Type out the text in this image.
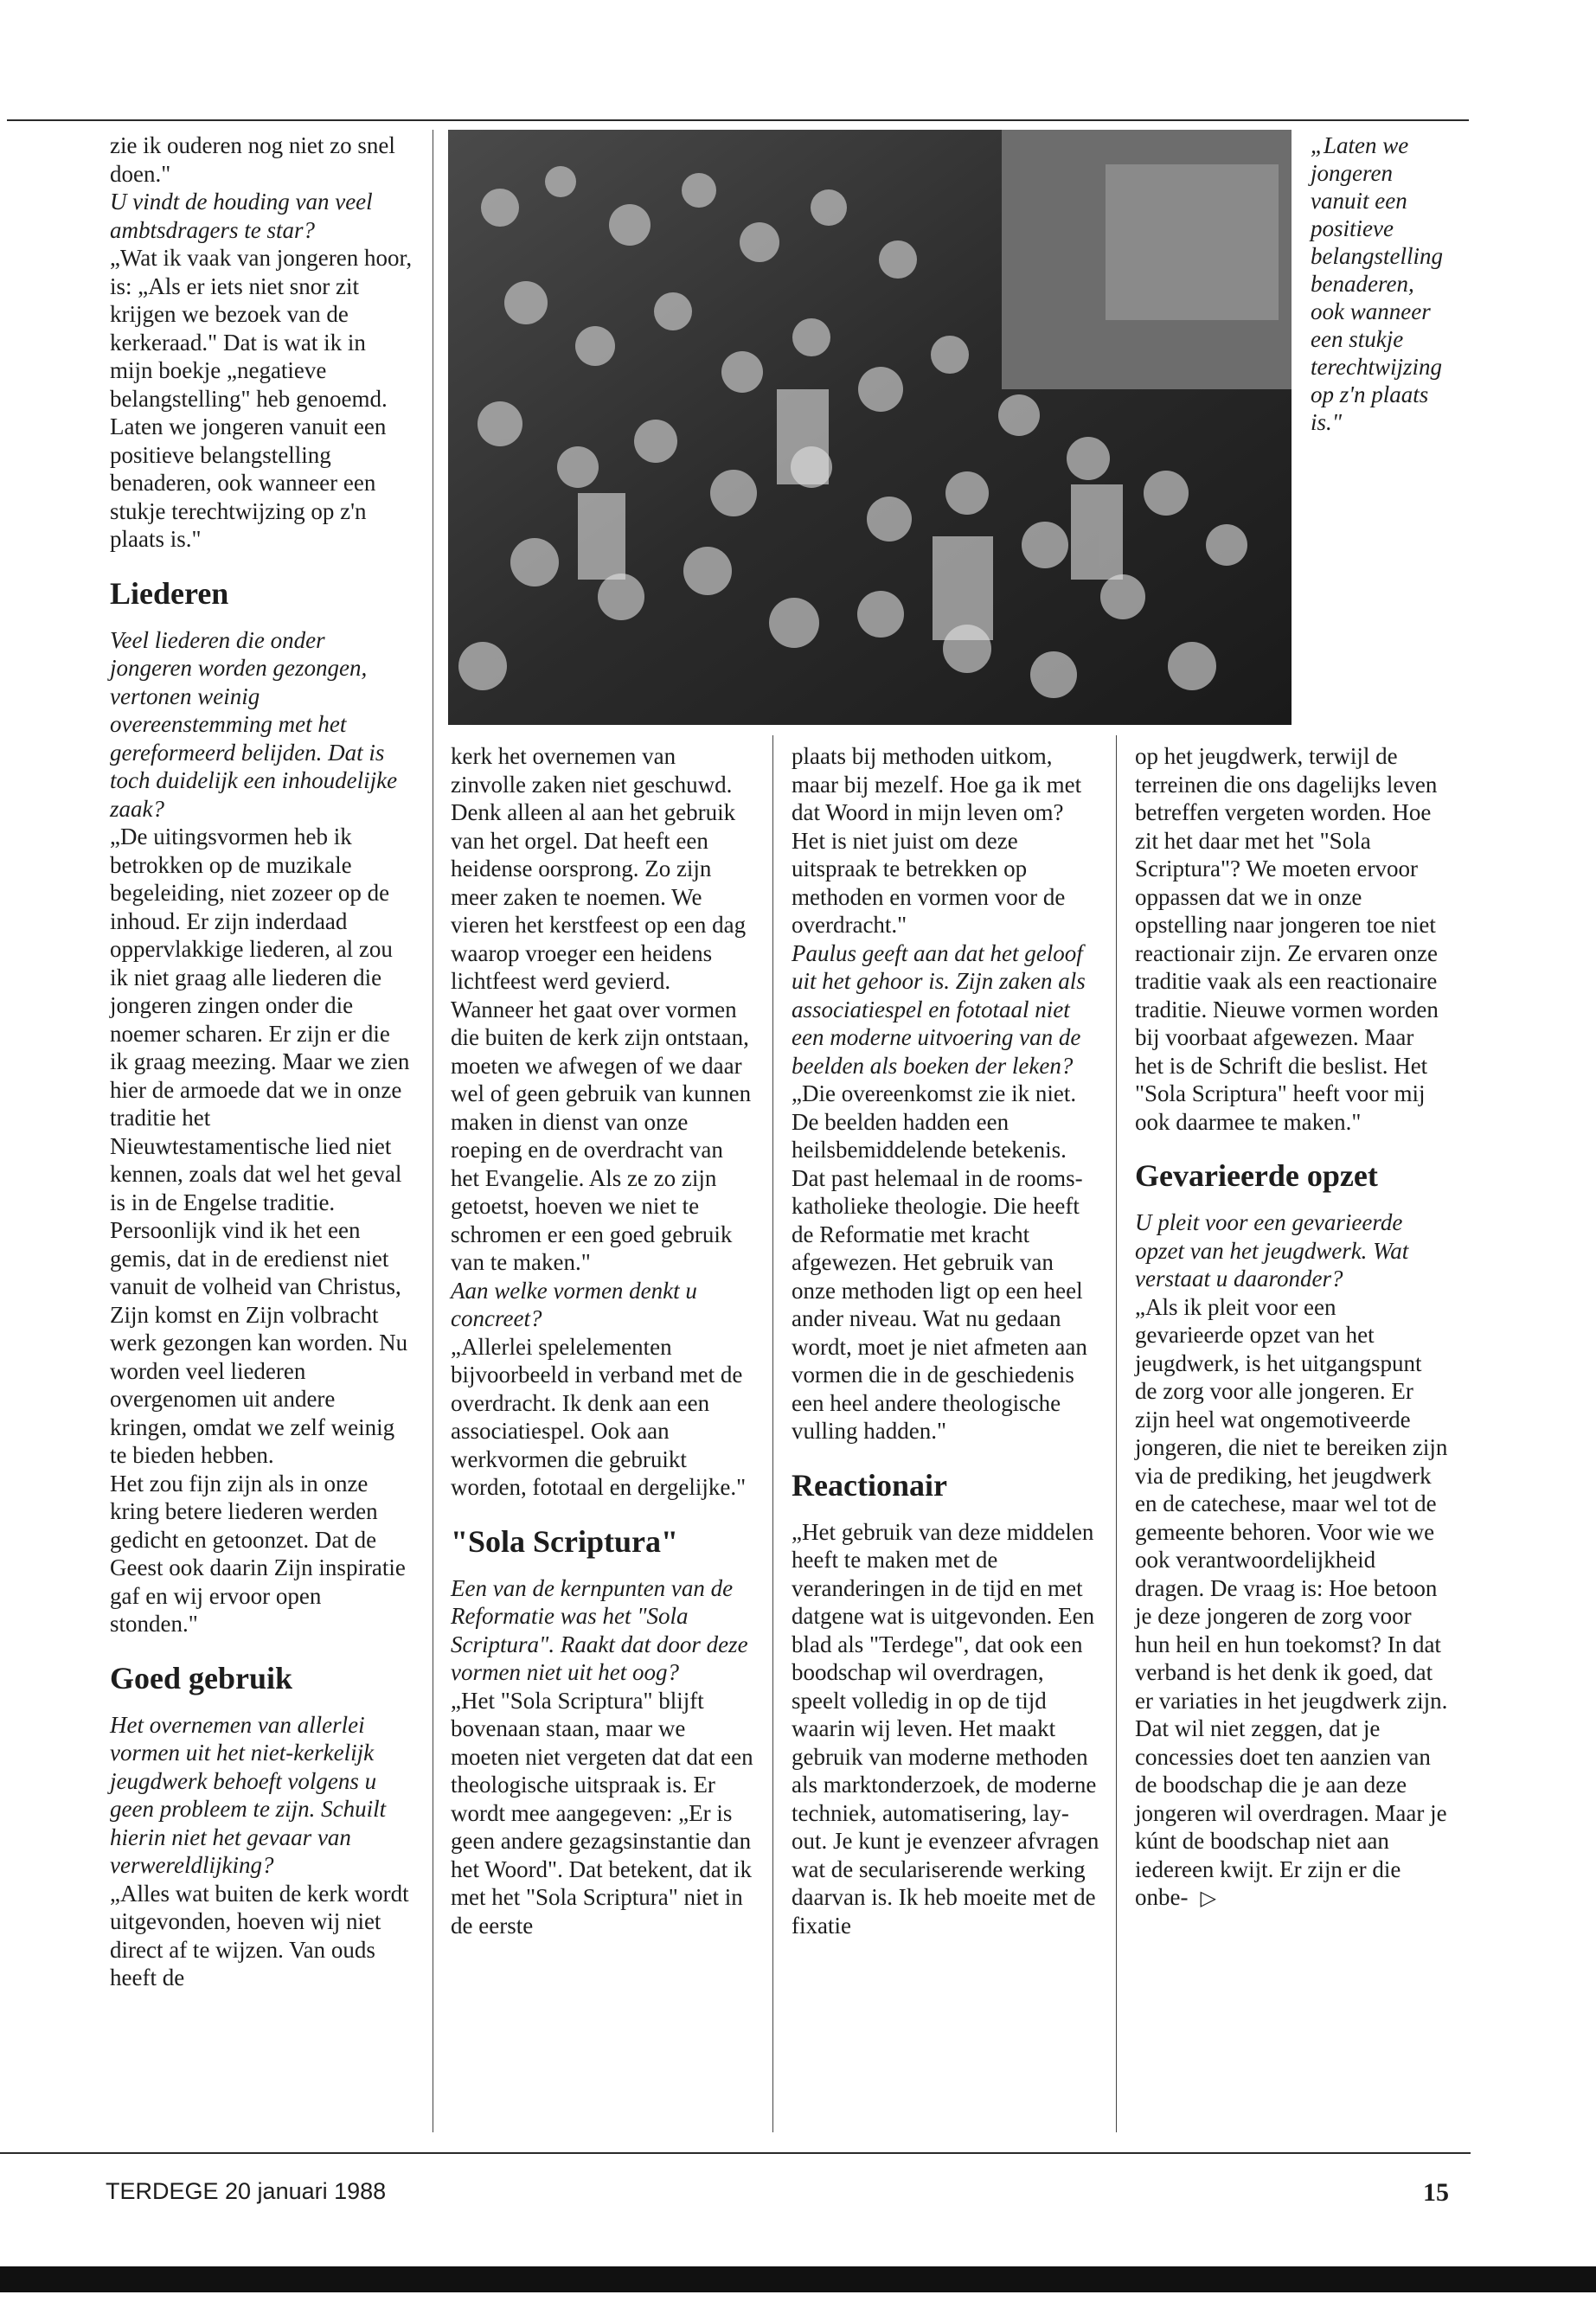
zie ik ouderen nog niet zo snel doen."

U vindt de houding van veel ambtsdragers te star?

„Wat ik vaak van jongeren hoor, is: „Als er iets niet snor zit krijgen we bezoek van de kerkeraad." Dat is wat ik in mijn boekje „negatieve belangstelling" heb genoemd. Laten we jongeren vanuit een positieve belangstelling benaderen, ook wanneer een stukje terechtwijzing op z'n plaats is."

Liederen

Veel liederen die onder jongeren worden gezongen, vertonen weinig overeenstemming met het gereformeerd belijden. Dat is toch duidelijk een inhoudelijke zaak?

„De uitingsvormen heb ik betrokken op de muzikale begeleiding, niet zozeer op de inhoud. Er zijn inderdaad oppervlakkige liederen, al zou ik niet graag alle liederen die jongeren zingen onder die noemer scharen. Er zijn er die ik graag meezing. Maar we zien hier de armoede dat we in onze traditie het Nieuwtestamentische lied niet kennen, zoals dat wel het geval is in de Engelse traditie. Persoonlijk vind ik het een gemis, dat in de eredienst niet vanuit de volheid van Christus, Zijn komst en Zijn volbracht werk gezongen kan worden. Nu worden veel liederen overgenomen uit andere kringen, omdat we zelf weinig te bieden hebben.

Het zou fijn zijn als in onze kring betere liederen werden gedicht en getoonzet. Dat de Geest ook daarin Zijn inspiratie gaf en wij ervoor open stonden."

Goed gebruik

Het overnemen van allerlei vormen uit het niet-kerkelijk jeugdwerk behoeft volgens u geen probleem te zijn. Schuilt hierin niet het gevaar van verwereldlijking?

„Alles wat buiten de kerk wordt uitgevonden, hoeven wij niet direct af te wijzen. Van ouds heeft de

„Laten we jongeren vanuit een positieve belangstelling benaderen, ook wanneer een stukje terechtwijzing op z'n plaats is."

kerk het overnemen van zinvolle zaken niet geschuwd. Denk alleen al aan het gebruik van het orgel. Dat heeft een heidense oorsprong. Zo zijn meer zaken te noemen. We vieren het kerstfeest op een dag waarop vroeger een heidens lichtfeest werd gevierd. Wanneer het gaat over vormen die buiten de kerk zijn ontstaan, moeten we afwegen of we daar wel of geen gebruik van kunnen maken in dienst van onze roeping en de overdracht van het Evangelie. Als ze zo zijn getoetst, hoeven we niet te schromen er een goed gebruik van te maken."

Aan welke vormen denkt u concreet?

„Allerlei spelelementen bijvoorbeeld in verband met de overdracht. Ik denk aan een associatiespel. Ook aan werkvormen die gebruikt worden, fototaal en dergelijke."

"Sola Scriptura"

Een van de kernpunten van de Reformatie was het "Sola Scriptura". Raakt dat door deze vormen niet uit het oog?

„Het "Sola Scriptura" blijft bovenaan staan, maar we moeten niet vergeten dat dat een theologische uitspraak is. Er wordt mee aangegeven: „Er is geen andere gezagsinstantie dan het Woord". Dat betekent, dat ik met het "Sola Scriptura" niet in de eerste

plaats bij methoden uitkom, maar bij mezelf. Hoe ga ik met dat Woord in mijn leven om? Het is niet juist om deze uitspraak te betrekken op methoden en vormen voor de overdracht."

Paulus geeft aan dat het geloof uit het gehoor is. Zijn zaken als associatiespel en fototaal niet een moderne uitvoering van de beelden als boeken der leken?

„Die overeenkomst zie ik niet. De beelden hadden een heilsbemiddelende betekenis. Dat past helemaal in de rooms-katholieke theologie. Die heeft de Reformatie met kracht afgewezen. Het gebruik van onze methoden ligt op een heel ander niveau. Wat nu gedaan wordt, moet je niet afmeten aan vormen die in de geschiedenis een heel andere theologische vulling hadden."

Reactionair

„Het gebruik van deze middelen heeft te maken met de veranderingen in de tijd en met datgene wat is uitgevonden. Een blad als "Terdege", dat ook een boodschap wil overdragen, speelt volledig in op de tijd waarin wij leven. Het maakt gebruik van moderne methoden als marktonderzoek, de moderne techniek, automatisering, lay-out. Je kunt je evenzeer afvragen wat de seculariserende werking daarvan is. Ik heb moeite met de fixatie

op het jeugdwerk, terwijl de terreinen die ons dagelijks leven betreffen vergeten worden. Hoe zit het daar met het "Sola Scriptura"? We moeten ervoor oppassen dat we in onze opstelling naar jongeren toe niet reactionair zijn. Ze ervaren onze traditie vaak als een reactionaire traditie. Nieuwe vormen worden bij voorbaat afgewezen. Maar het is de Schrift die beslist. Het "Sola Scriptura" heeft voor mij ook daarmee te maken."

Gevarieerde opzet

U pleit voor een gevarieerde opzet van het jeugdwerk. Wat verstaat u daaronder?

„Als ik pleit voor een gevarieerde opzet van het jeugdwerk, is het uitgangspunt de zorg voor alle jongeren. Er zijn heel wat ongemotiveerde jongeren, die niet te bereiken zijn via de prediking, het jeugdwerk en de catechese, maar wel tot de gemeente behoren. Voor wie we ook verantwoordelijkheid dragen. De vraag is: Hoe betoon je deze jongeren de zorg voor hun heil en hun toekomst? In dat verband is het denk ik goed, dat er variaties in het jeugdwerk zijn. Dat wil niet zeggen, dat je concessies doet ten aanzien van de boodschap die je aan deze jongeren wil overdragen. Maar je kúnt de boodschap niet aan iedereen kwijt. Er zijn er die onbe- ▷

TERDEGE 20 januari 1988	15
